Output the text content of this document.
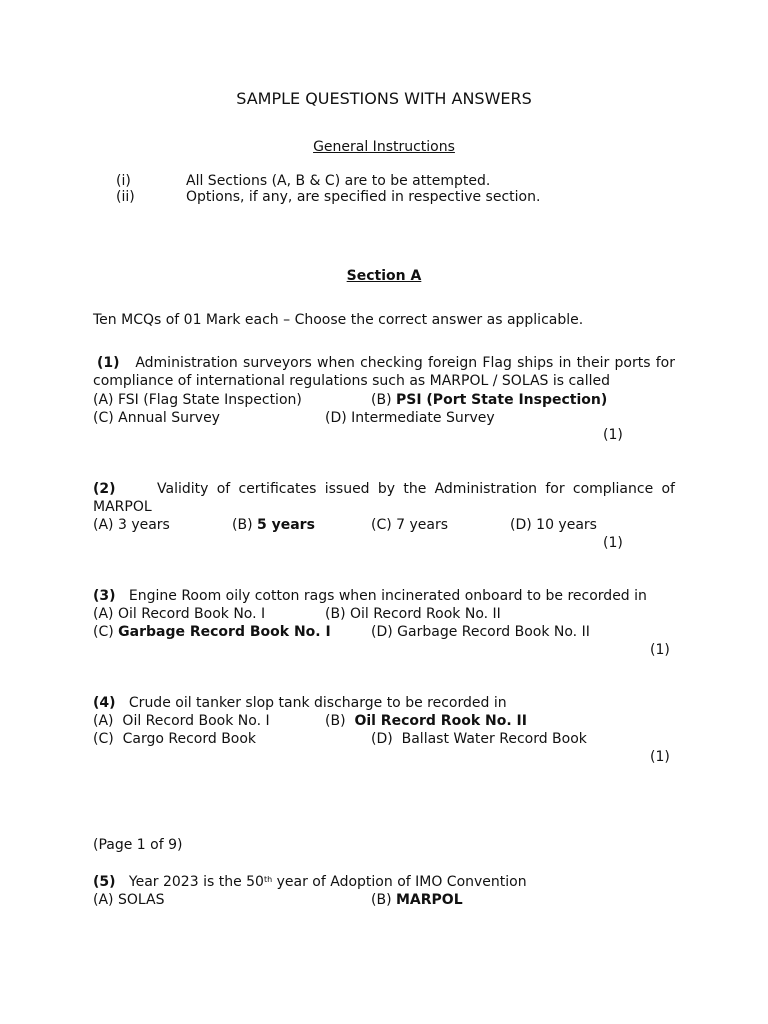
SAMPLE QUESTIONS WITH ANSWERS
General Instructions
(i)	All Sections (A, B & C) are to be attempted.
(ii)	Options, if any, are specified in respective section.
Section A
Ten MCQs of 01 Mark each – Choose the correct answer as applicable.
(1) Administration surveyors when checking foreign Flag ships in their ports for compliance of international regulations such as MARPOL / SOLAS is called
(A) FSI (Flag State Inspection)	(B) PSI (Port State Inspection)
(C) Annual Survey	(D) Intermediate Survey
(1)
(2)	Validity of certificates issued by the Administration for compliance of MARPOL
(A) 3 years	(B) 5 years	(C) 7 years	(D) 10 years
(1)
(3) Engine Room oily cotton rags when incinerated onboard to be recorded in
(A) Oil Record Book No. I	(B) Oil Record Rook No. II
(C) Garbage Record Book No. I	(D) Garbage Record Book No. II
(1)
(4) Crude oil tanker slop tank discharge to be recorded in
(A) Oil Record Book No. I	(B) Oil Record Rook No. II
(C) Cargo Record Book	(D) Ballast Water Record Book
(1)
(Page 1 of 9)
(5) Year 2023 is the 50th year of Adoption of IMO Convention
(A) SOLAS	(B) MARPOL
